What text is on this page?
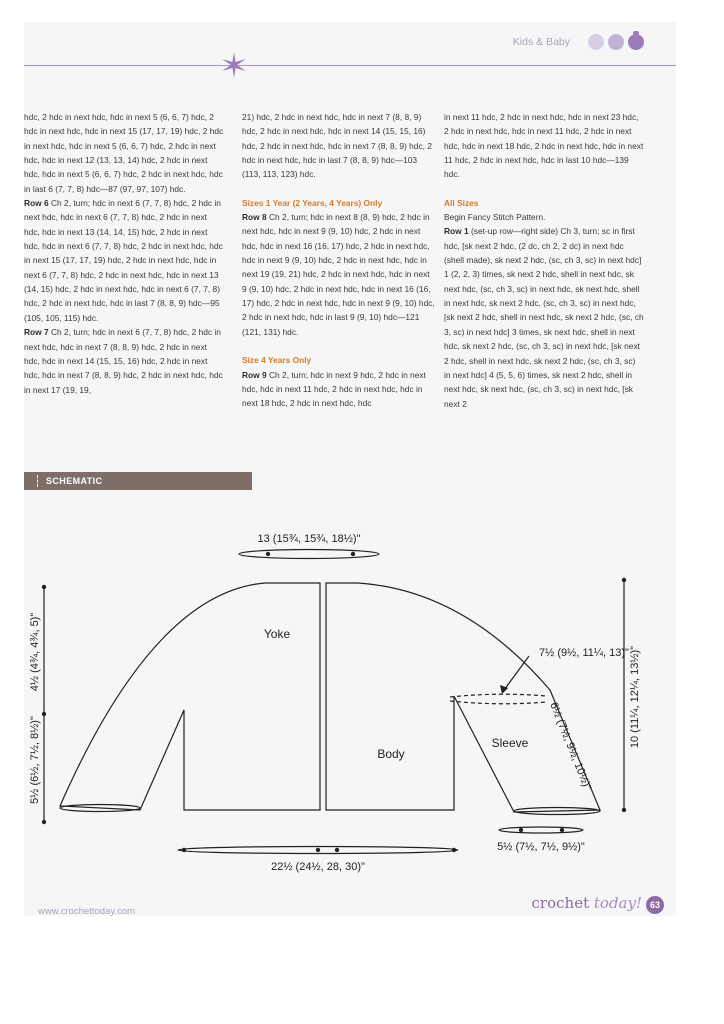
Kids & Baby

hdc, 2 hdc in next hdc, hdc in next 5 (6, 6, 7) hdc, 2 hdc in next hdc, hdc in next 15 (17, 17, 19) hdc, 2 hdc in next hdc, hdc in next 5 (6, 6, 7) hdc, 2 hdc in next hdc, hdc in next 12 (13, 13, 14) hdc, 2 hdc in next hdc, hdc in next 5 (6, 6, 7) hdc, 2 hdc in next hdc, hdc in last 6 (7, 7, 8) hdc—87 (97, 97, 107) hdc.

Row 6 Ch 2, turn; hdc in next 6 (7, 7, 8) hdc, 2 hdc in next hdc, hdc in next 6 (7, 7, 8) hdc, 2 hdc in next hdc, hdc in next 13 (14, 14, 15) hdc, 2 hdc in next hdc, hdc in next 6 (7, 7, 8) hdc, 2 hdc in next hdc, hdc in next 15 (17, 17, 19) hdc, 2 hdc in next hdc, hdc in next 6 (7, 7, 8) hdc, 2 hdc in next hdc, hdc in next 13 (14, 15) hdc, 2 hdc in next hdc, hdc in next 6 (7, 7, 8) hdc, 2 hdc in next hdc, hdc in last 7 (8, 8, 9) hdc—95 (105, 105, 115) hdc.

Row 7 Ch 2, turn; hdc in next 6 (7, 7, 8) hdc, 2 hdc in next hdc, hdc in next 7 (8, 8, 9) hdc, 2 hdc in next hdc, hdc in next 14 (15, 15, 16) hdc, 2 hdc in next hdc, hdc in next 7 (8, 8, 9) hdc, 2 hdc in next hdc, hdc in next 17 (19, 19,

21) hdc, 2 hdc in next hdc, hdc in next 7 (8, 8, 9) hdc, 2 hdc in next hdc, hdc in next 14 (15, 15, 16) hdc, 2 hdc in next hdc, hdc in next 7 (8, 8, 9) hdc, 2 hdc in next hdc, hdc in last 7 (8, 8, 9) hdc—103 (113, 113, 123) hdc.

Sizes 1 Year (2 Years, 4 Years) Only

Row 8 Ch 2, turn; hdc in next 8 (8, 9) hdc, 2 hdc in next hdc, hdc in next 9 (9, 10) hdc, 2 hdc in next hdc, hdc in next 16 (16, 17) hdc, 2 hdc in next hdc, hdc in next 9 (9, 10) hdc, 2 hdc in next hdc, hdc in next 19 (19, 21) hdc, 2 hdc in next hdc, hdc in next 9 (9, 10) hdc, 2 hdc in next hdc, hdc in next 16 (16, 17) hdc, 2 hdc in next hdc, hdc in next 9 (9, 10) hdc, 2 hdc in next hdc, hdc in last 9 (9, 10) hdc—121 (121, 131) hdc.

Size 4 Years Only

Row 9 Ch 2, turn; hdc in next 9 hdc, 2 hdc in next hdc, hdc in next 11 hdc, 2 hdc in next hdc, hdc in next 18 hdc, 2 hdc in next hdc, hdc

in next 11 hdc, 2 hdc in next hdc, hdc in next 23 hdc, 2 hdc in next hdc, hdc in next 11 hdc, 2 hdc in next hdc, hdc in next 18 hdc, 2 hdc in next hdc, hdc in next 11 hdc, 2 hdc in next hdc, hdc in last 10 hdc—139 hdc.

All Sizes

Begin Fancy Stitch Pattern.

Row 1 (set-up row—right side) Ch 3, turn; sc in first hdc, [sk next 2 hdc, (2 dc, ch 2, 2 dc) in next hdc (shell made), sk next 2 hdc, (sc, ch 3, sc) in next hdc] 1 (2, 2, 3) times, sk next 2 hdc, shell in next hdc, sk next hdc, (sc, ch 3, sc) in next hdc, sk next hdc, shell in next hdc, sk next 2 hdc, (sc, ch 3, sc) in next hdc, [sk next 2 hdc, shell in next hdc, sk next 2 hdc, (sc, ch 3, sc) in next hdc] 3 times, sk next hdc, shell in next hdc, sk next 2 hdc, (sc, ch 3, sc) in next hdc, [sk next 2 hdc, shell in next hdc, sk next 2 hdc, (sc, ch 3, sc) in next hdc] 4 (5, 5, 6) times, sk next 2 hdc, shell in next hdc, sk next hdc, (sc, ch 3, sc) in next hdc, [sk next 2

SCHEMATIC
13 (15¾, 15¾, 18½)"
Yoke
Body
Sleeve
7½ (9½, 11¼, 13)"
6½ (7½, 9½, 10½)"
4½ (4¾, 4¾, 5)"
5½ (6½, 7½, 8½)"
10 (11¼, 12¼, 13½)"
22½ (24½, 28, 30)"
5½ (7½, 7½, 9½)"
www.crochettoday.com	crochet today! 63
